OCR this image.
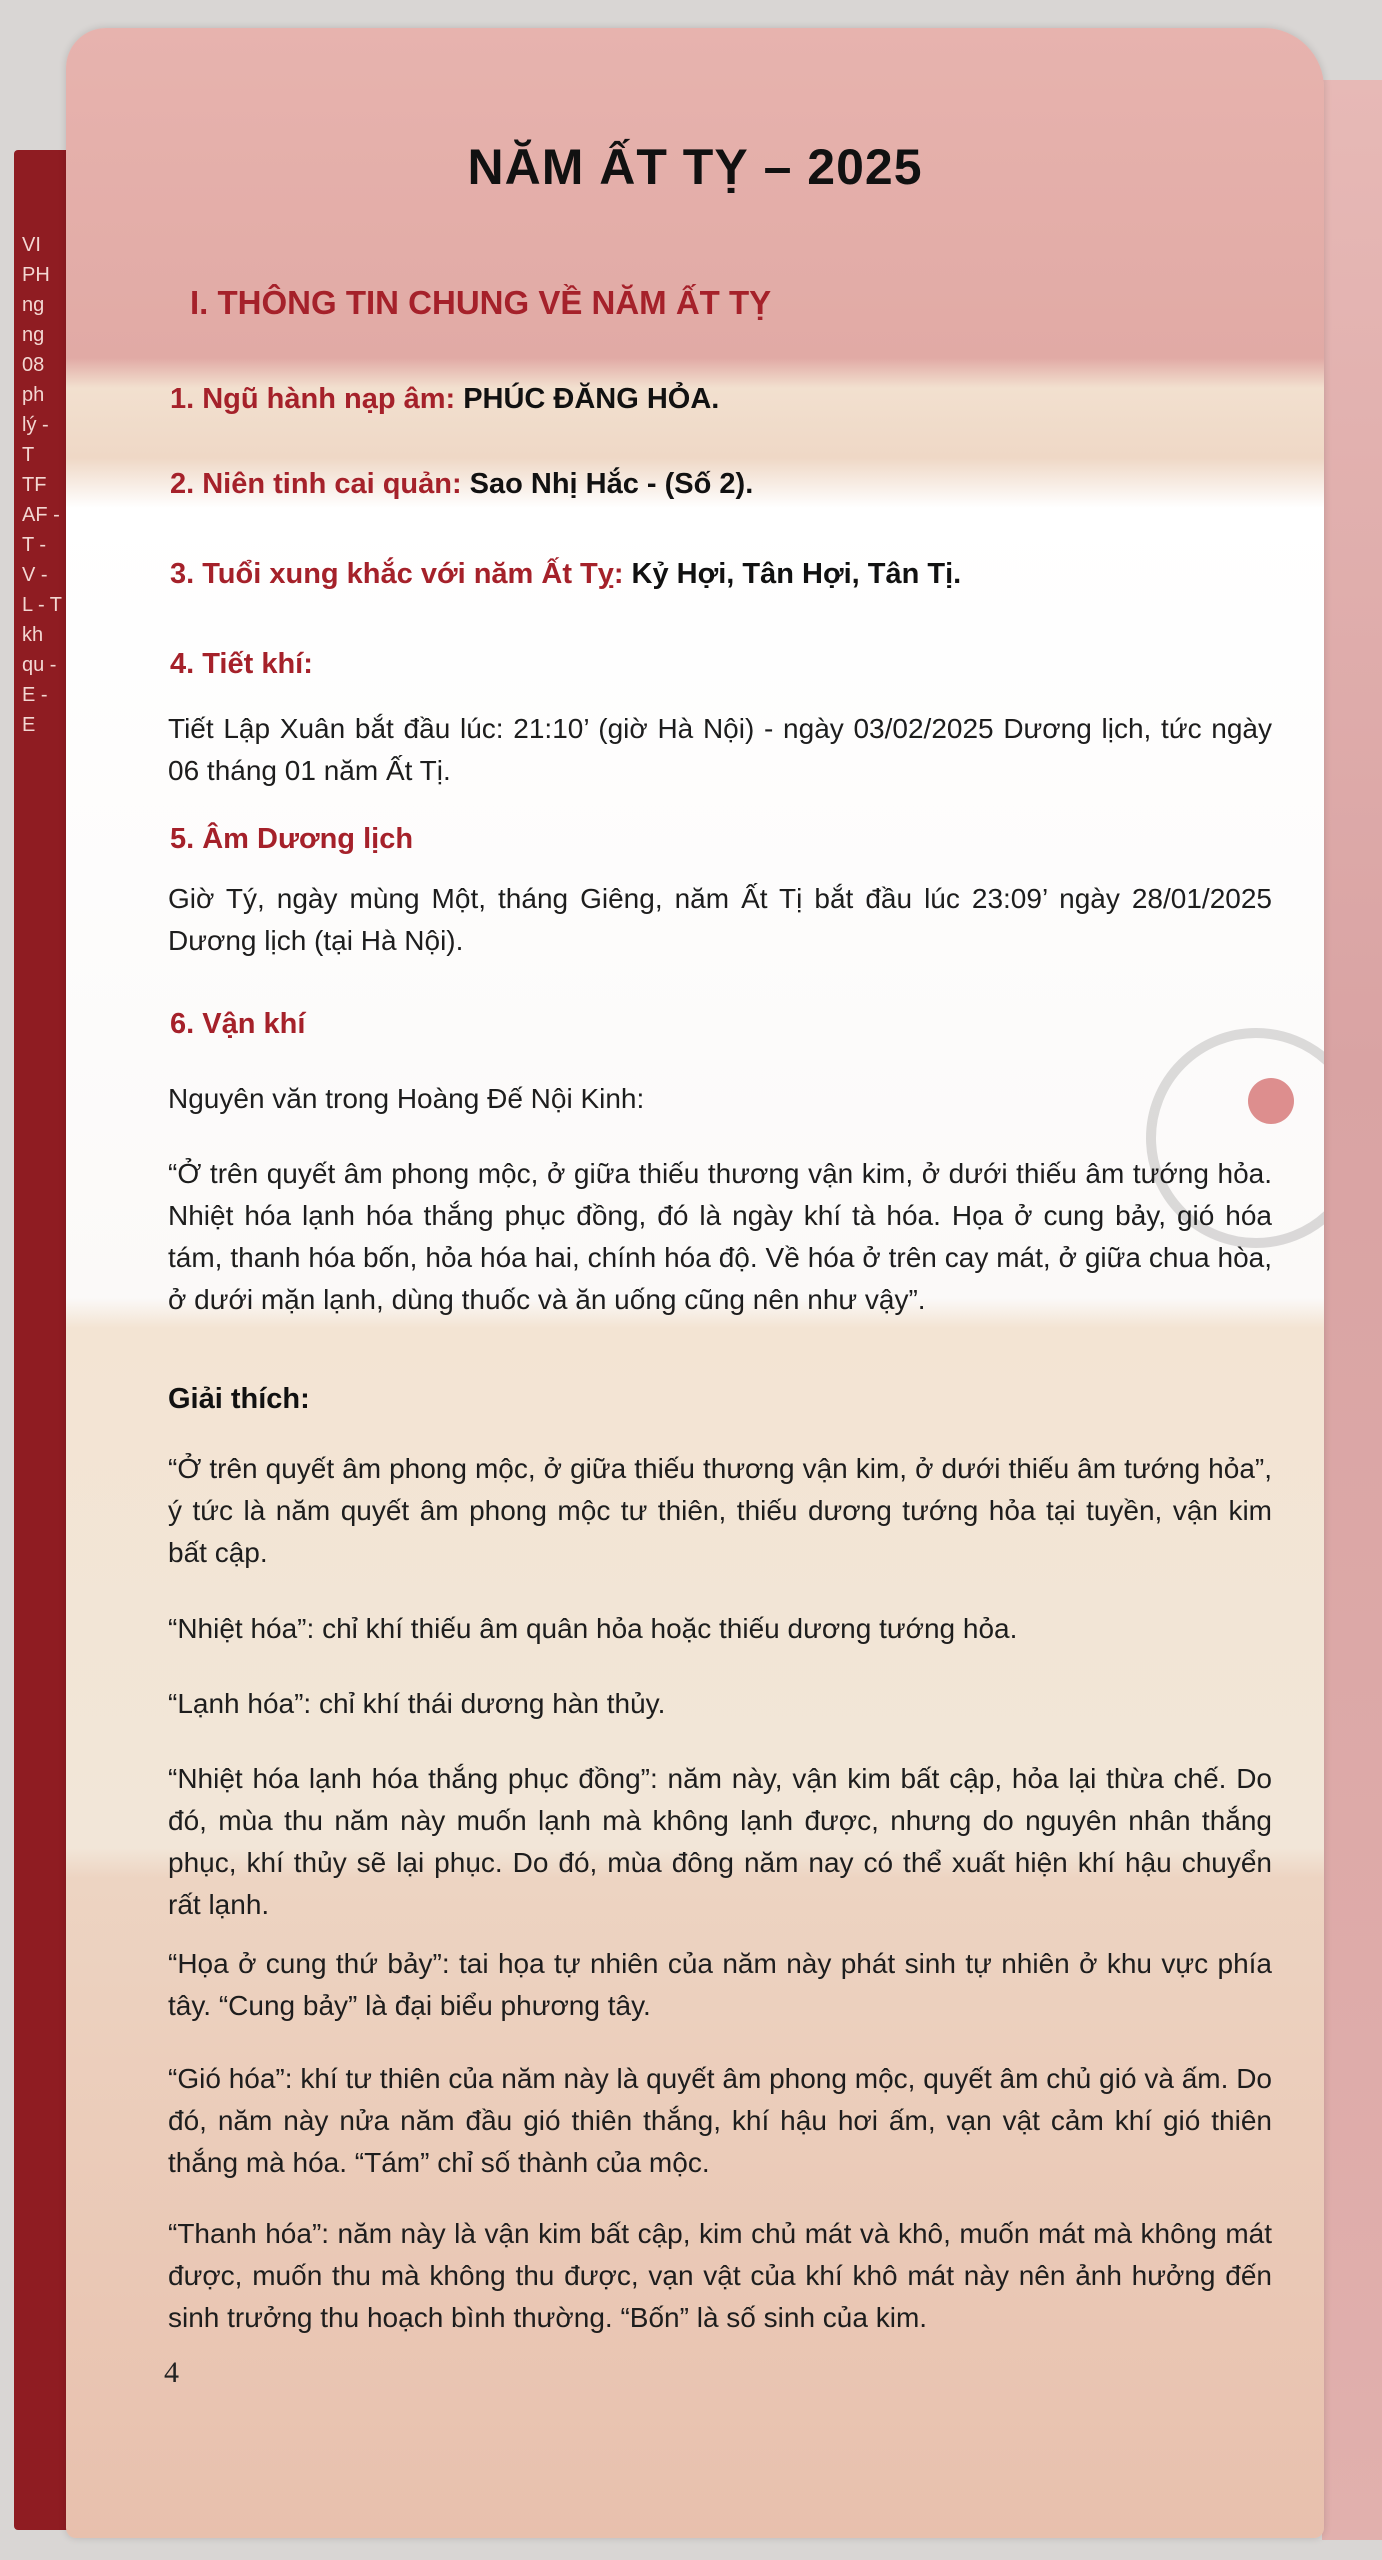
VI PH ng ng 08 ph lý - T TF AF - T - V - L - T kh qu - E - E
NĂM ẤT TỴ – 2025
I. THÔNG TIN CHUNG VỀ NĂM ẤT TỴ
1. Ngũ hành nạp âm: PHÚC ĐĂNG HỎA.
2. Niên tinh cai quản: Sao Nhị Hắc - (Số 2).
3. Tuổi xung khắc với năm Ất Tỵ: Kỷ Hợi, Tân Hợi, Tân Tị.
4. Tiết khí:
Tiết Lập Xuân bắt đầu lúc: 21:10’ (giờ Hà Nội) - ngày 03/02/2025 Dương lịch, tức ngày 06 tháng 01 năm Ất Tị.
5. Âm Dương lịch
Giờ Tý, ngày mùng Một, tháng Giêng, năm Ất Tị bắt đầu lúc 23:09’ ngày 28/01/2025 Dương lịch (tại Hà Nội).
6. Vận khí
Nguyên văn trong Hoàng Đế Nội Kinh:
“Ở trên quyết âm phong mộc, ở giữa thiếu thương vận kim, ở dưới thiếu âm tướng hỏa. Nhiệt hóa lạnh hóa thắng phục đồng, đó là ngày khí tà hóa. Họa ở cung bảy, gió hóa tám, thanh hóa bốn, hỏa hóa hai, chính hóa độ. Về hóa ở trên cay mát, ở giữa chua hòa, ở dưới mặn lạnh, dùng thuốc và ăn uống cũng nên như vậy”.
Giải thích:
“Ở trên quyết âm phong mộc, ở giữa thiếu thương vận kim, ở dưới thiếu âm tướng hỏa”, ý tức là năm quyết âm phong mộc tư thiên, thiếu dương tướng hỏa tại tuyền, vận kim bất cập.
“Nhiệt hóa”: chỉ khí thiếu âm quân hỏa hoặc thiếu dương tướng hỏa.
“Lạnh hóa”: chỉ khí thái dương hàn thủy.
“Nhiệt hóa lạnh hóa thắng phục đồng”: năm này, vận kim bất cập, hỏa lại thừa chế. Do đó, mùa thu năm này muốn lạnh mà không lạnh được, nhưng do nguyên nhân thắng phục, khí thủy sẽ lại phục. Do đó, mùa đông năm nay có thể xuất hiện khí hậu chuyển rất lạnh.
“Họa ở cung thứ bảy”: tai họa tự nhiên của năm này phát sinh tự nhiên ở khu vực phía tây. “Cung bảy” là đại biểu phương tây.
“Gió hóa”: khí tư thiên của năm này là quyết âm phong mộc, quyết âm chủ gió và ấm. Do đó, năm này nửa năm đầu gió thiên thắng, khí hậu hơi ấm, vạn vật cảm khí gió thiên thắng mà hóa. “Tám” chỉ số thành của mộc.
“Thanh hóa”: năm này là vận kim bất cập, kim chủ mát và khô, muốn mát mà không mát được, muốn thu mà không thu được, vạn vật của khí khô mát này nên ảnh hưởng đến sinh trưởng thu hoạch bình thường. “Bốn” là số sinh của kim.
4
